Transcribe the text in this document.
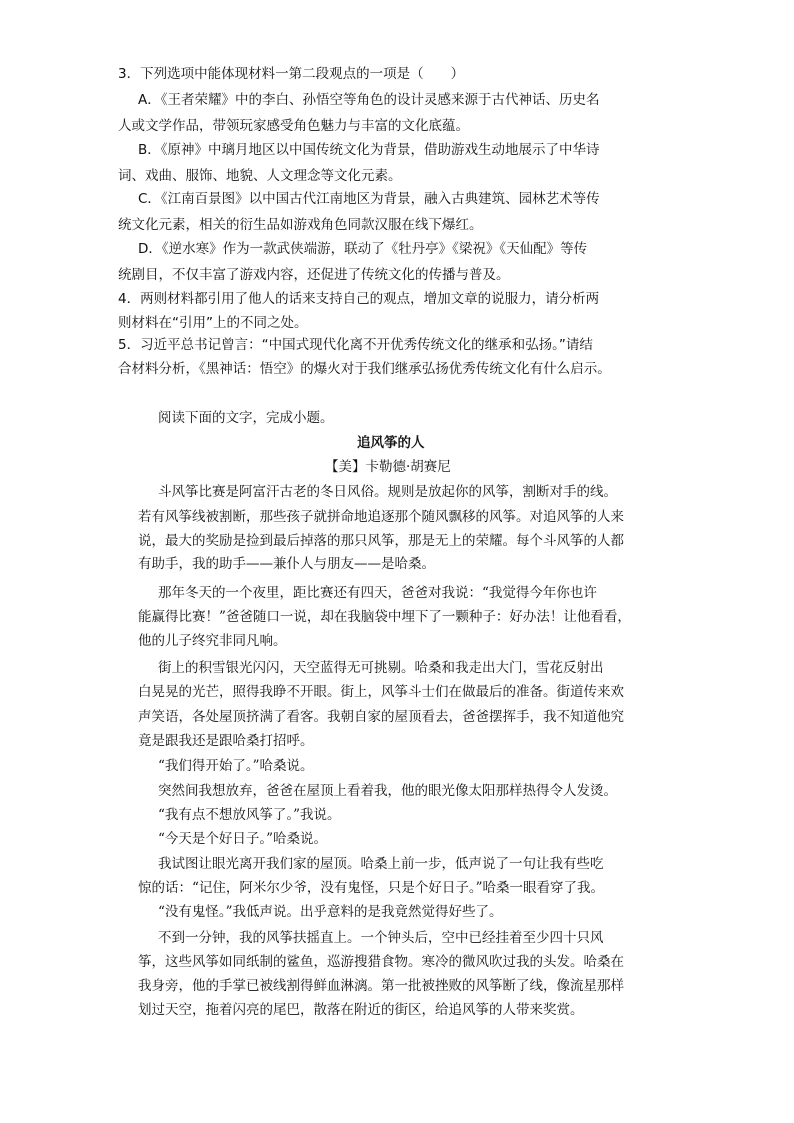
3．下列选项中能体现材料一第二段观点的一项是（　　）
A．《王者荣耀》中的李白、孙悟空等角色的设计灵感来源于古代神话、历史名
人或文学作品，带领玩家感受角色魅力与丰富的文化底蕴。
B．《原神》中璃月地区以中国传统文化为背景，借助游戏生动地展示了中华诗
词、戏曲、服饰、地貌、人文理念等文化元素。
C．《江南百景图》以中国古代江南地区为背景，融入古典建筑、园林艺术等传
统文化元素，相关的衍生品如游戏角色同款汉服在线下爆红。
D．《逆水寒》作为一款武侠端游，联动了《牡丹亭》《梁祝》《天仙配》等传
统剧目，不仅丰富了游戏内容，还促进了传统文化的传播与普及。
4．两则材料都引用了他人的话来支持自己的观点，增加文章的说服力，请分析两
则材料在“引用”上的不同之处。
5．习近平总书记曾言：“中国式现代化离不开优秀传统文化的继承和弘扬。”请结
合材料分析，《黑神话：悟空》的爆火对于我们继承弘扬优秀传统文化有什么启示。
阅读下面的文字，完成小题。
追风筝的人
【美】卡勒德·胡赛尼
斗风筝比赛是阿富汗古老的冬日风俗。规则是放起你的风筝，割断对手的线。
若有风筝线被割断，那些孩子就拼命地追逐那个随风飘移的风筝。对追风筝的人来
说，最大的奖励是捡到最后掉落的那只风筝，那是无上的荣耀。每个斗风筝的人都
有助手，我的助手——兼仆人与朋友——是哈桑。
那年冬天的一个夜里，距比赛还有四天，爸爸对我说：“我觉得今年你也许
能赢得比赛！”爸爸随口一说，却在我脑袋中埋下了一颗种子：好办法！让他看看，
他的儿子终究非同凡响。
街上的积雪银光闪闪，天空蓝得无可挑剔。哈桑和我走出大门，雪花反射出
白晃晃的光芒，照得我睁不开眼。街上，风筝斗士们在做最后的准备。街道传来欢
声笑语，各处屋顶挤满了看客。我朝自家的屋顶看去，爸爸摆挥手，我不知道他究
竟是跟我还是跟哈桑打招呼。
“我们得开始了。”哈桑说。
突然间我想放弃，爸爸在屋顶上看着我，他的眼光像太阳那样热得令人发烫。
“我有点不想放风筝了。”我说。
“今天是个好日子。”哈桑说。
我试图让眼光离开我们家的屋顶。哈桑上前一步，低声说了一句让我有些吃
惊的话：“记住，阿米尔少爷，没有鬼怪，只是个好日子。”哈桑一眼看穿了我。
“没有鬼怪。”我低声说。出乎意料的是我竟然觉得好些了。
不到一分钟，我的风筝扶摇直上。一个钟头后，空中已经挂着至少四十只风
筝，这些风筝如同纸制的鲨鱼，巡游搜猎食物。寒冷的微风吹过我的头发。哈桑在
我身旁，他的手掌已被线割得鲜血淋漓。第一批被挫败的风筝断了线，像流星那样
划过天空，拖着闪亮的尾巴，散落在附近的街区，给追风筝的人带来奖赏。
